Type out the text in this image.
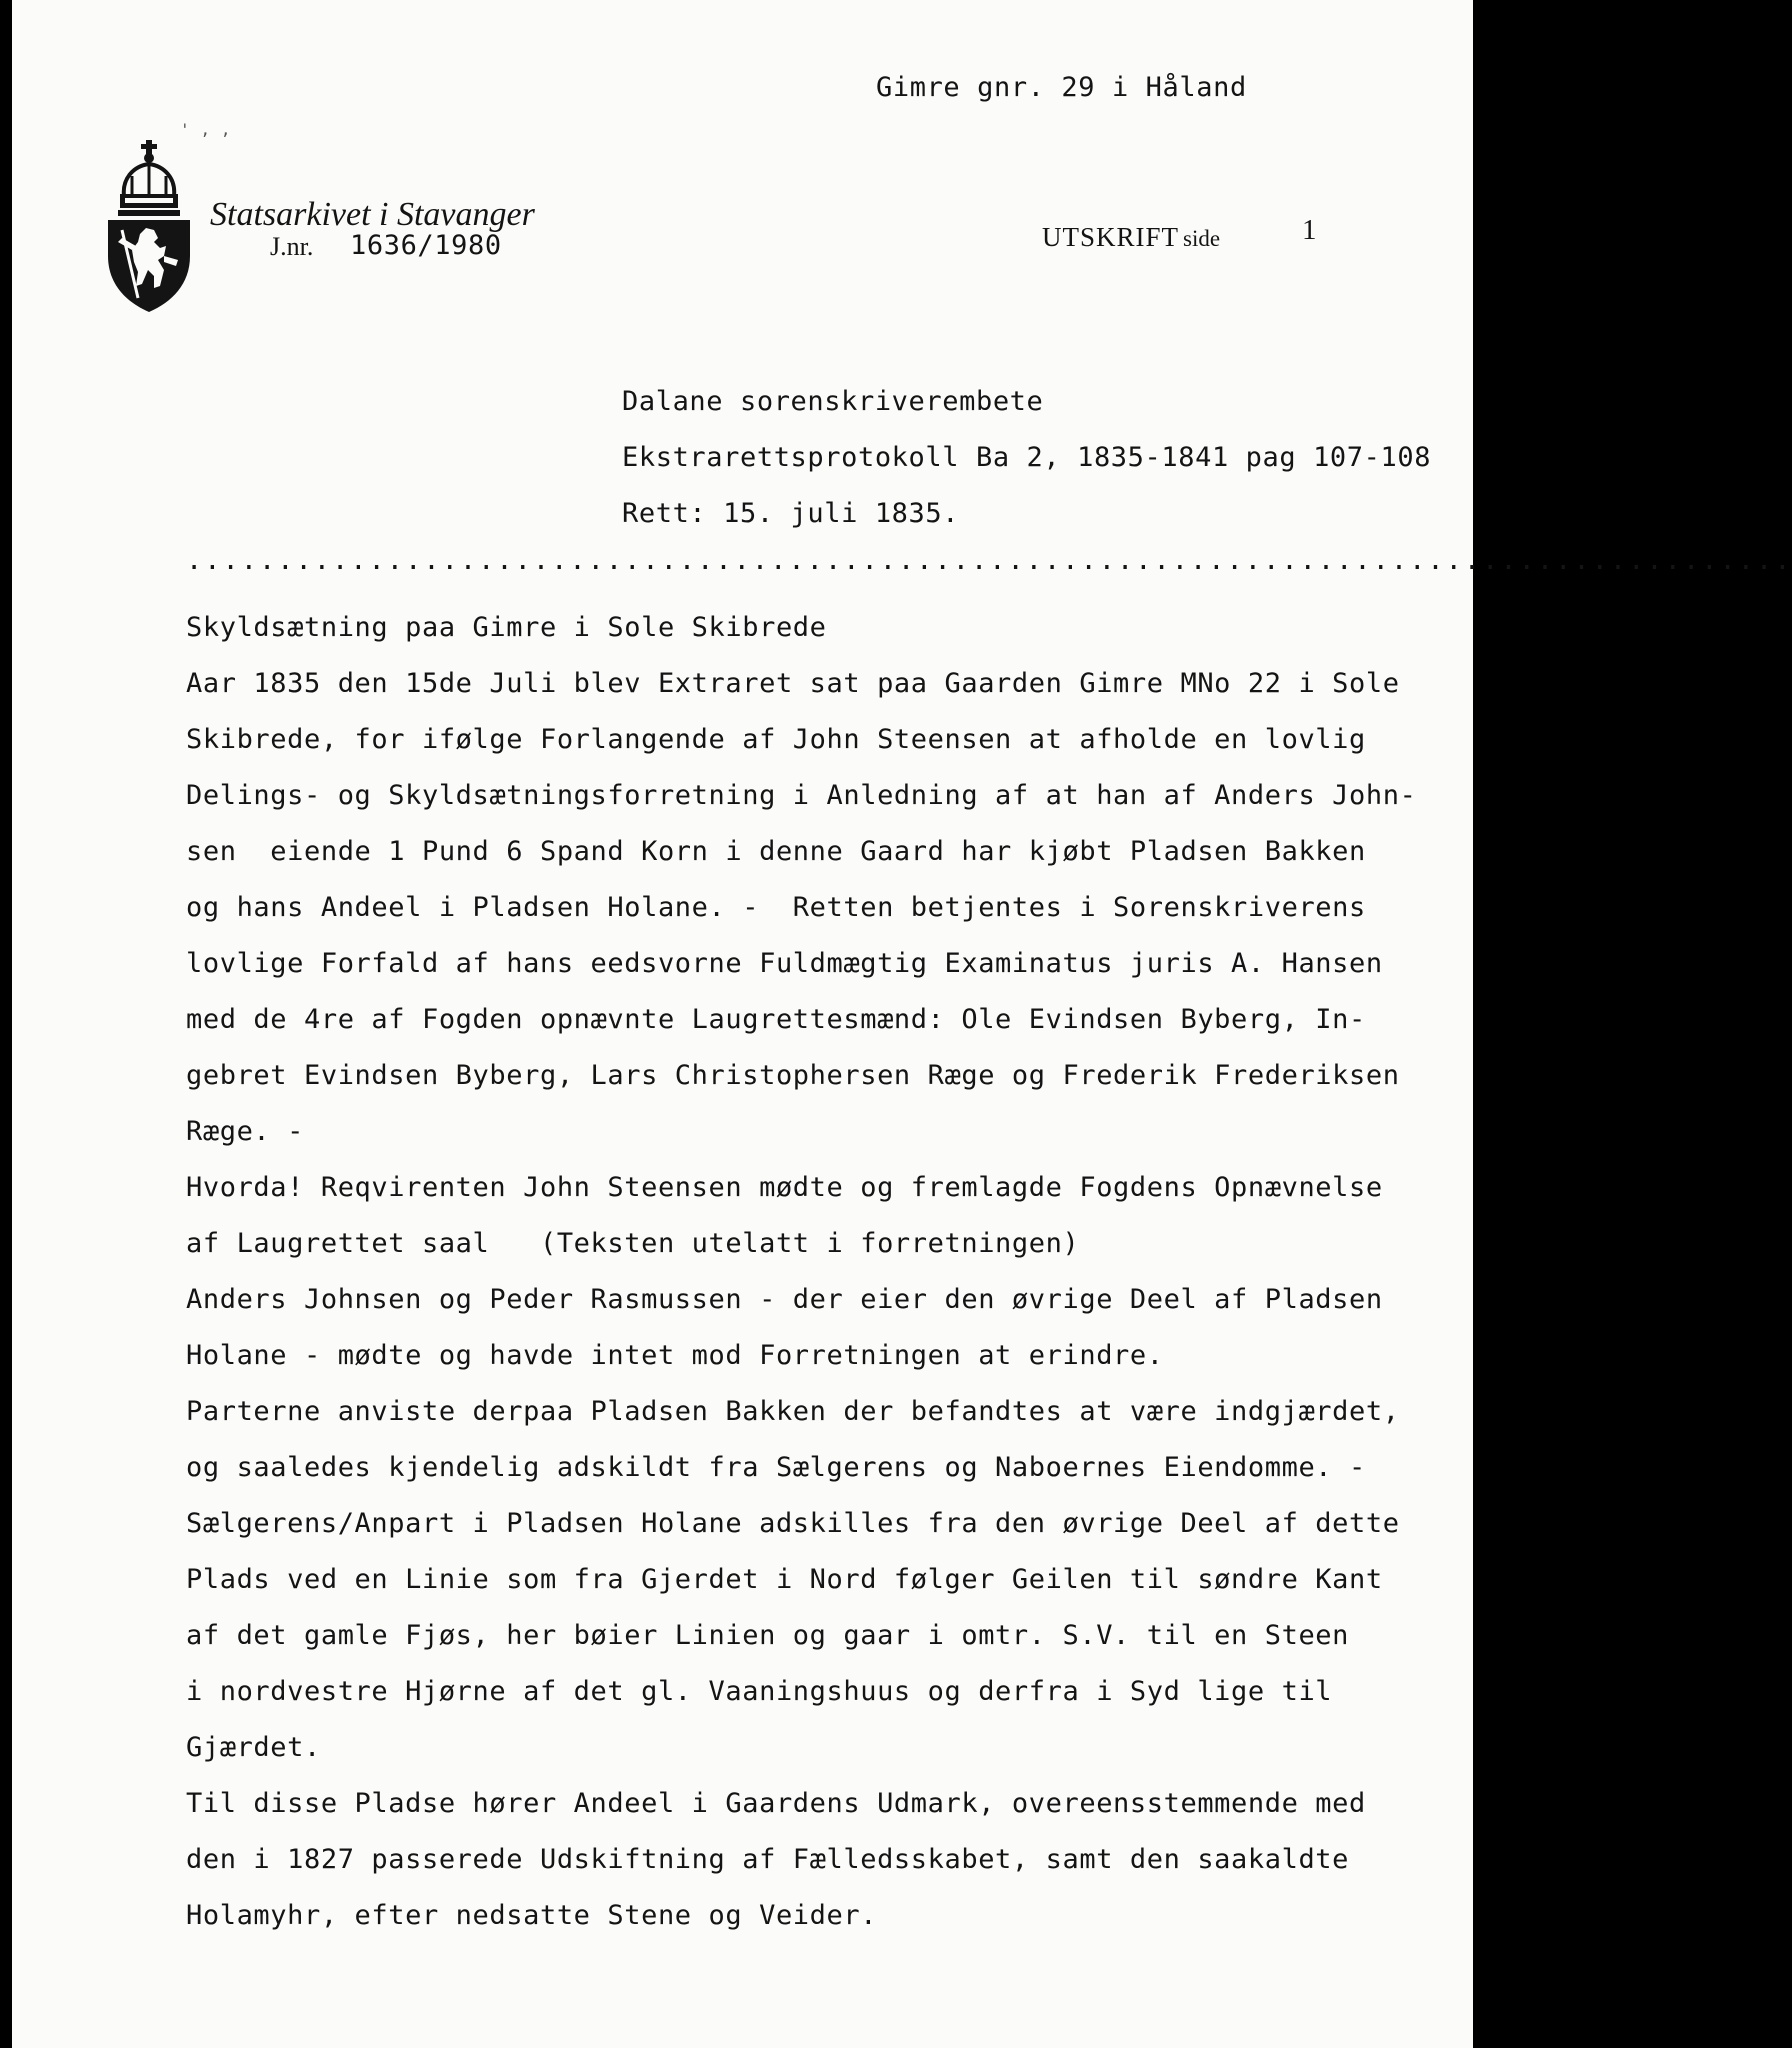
Gimre gnr. 29 i Håland
' , ,
Statsarkivet i Stavanger
J.nr. 1636/1980	UTSKRIFT side	1
Dalane sorenskriverembete
Ekstrarettsprotokoll Ba 2, 1835-1841 pag 107-108
Rett: 15. juli 1835.
........................................................................................
Skyldsætning paa Gimre i Sole Skibrede
Aar 1835 den 15de Juli blev Extraret sat paa Gaarden Gimre MNo 22 i Sole
Skibrede, for ifølge Forlangende af John Steensen at afholde en lovlig
Delings- og Skyldsætningsforretning i Anledning af at han af Anders John-
sen  eiende 1 Pund 6 Spand Korn i denne Gaard har kjøbt Pladsen Bakken
og hans Andeel i Pladsen Holane. -  Retten betjentes i Sorenskriverens
lovlige Forfald af hans eedsvorne Fuldmægtig Examinatus juris A. Hansen
med de 4re af Fogden opnævnte Laugrettesmænd: Ole Evindsen Byberg, In-
gebret Evindsen Byberg, Lars Christophersen Ræge og Frederik Frederiksen
Ræge. -
Hvorda! Reqvirenten John Steensen mødte og fremlagde Fogdens Opnævnelse
af Laugrettet saal   (Teksten utelatt i forretningen)
Anders Johnsen og Peder Rasmussen - der eier den øvrige Deel af Pladsen
Holane - mødte og havde intet mod Forretningen at erindre.
Parterne anviste derpaa Pladsen Bakken der befandtes at være indgjærdet,
og saaledes kjendelig adskildt fra Sælgerens og Naboernes Eiendomme. -
Sælgerens/Anpart i Pladsen Holane adskilles fra den øvrige Deel af dette
Plads ved en Linie som fra Gjerdet i Nord følger Geilen til søndre Kant
af det gamle Fjøs, her bøier Linien og gaar i omtr. S.V. til en Steen
i nordvestre Hjørne af det gl. Vaaningshuus og derfra i Syd lige til
Gjærdet.
Til disse Pladse hører Andeel i Gaardens Udmark, overeensstemmende med
den i 1827 passerede Udskiftning af Fælledsskabet, samt den saakaldte
Holamyhr, efter nedsatte Stene og Veider.
